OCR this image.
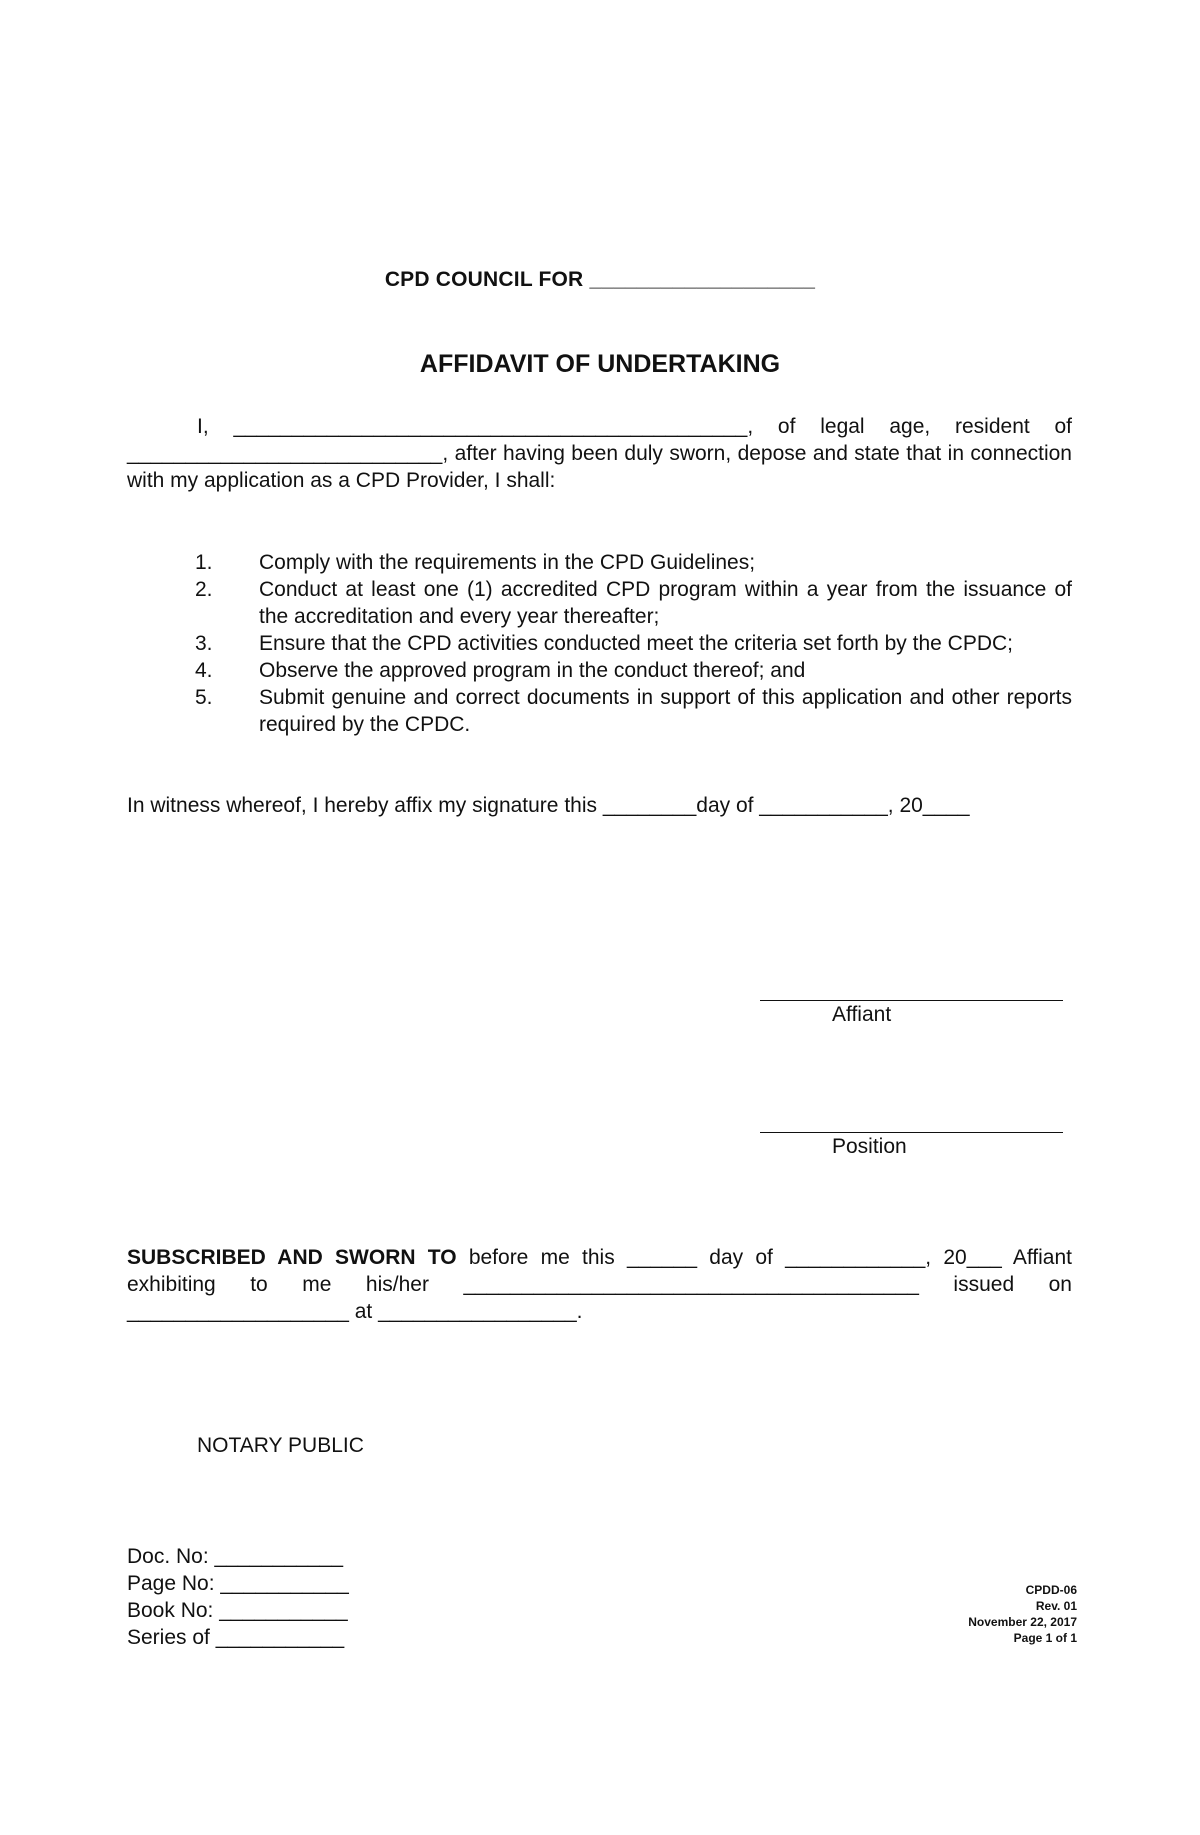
CPD COUNCIL FOR ___________________
AFFIDAVIT OF UNDERTAKING

I, ____________________________________________, of legal age, resident of ___________________________, after having been duly sworn, depose and state that in connection with my application as a CPD Provider, I shall:

1. Comply with the requirements in the CPD Guidelines;
2. Conduct at least one (1) accredited CPD program within a year from the issuance of the accreditation and every year thereafter;
3. Ensure that the CPD activities conducted meet the criteria set forth by the CPDC;
4. Observe the approved program in the conduct thereof; and
5. Submit genuine and correct documents in support of this application and other reports required by the CPDC.

In witness whereof, I hereby affix my signature this ________day of ___________, 20____

Affiant
Position

SUBSCRIBED AND SWORN TO before me this ______ day of ____________, 20___ Affiant exhibiting to me his/her _______________________________________ issued on ___________________ at _________________.

NOTARY PUBLIC
Doc. No: ___________
Page No: ___________
Book No: ___________
Series of ___________
CPDD-06
Rev. 01
November 22, 2017
Page 1 of 1
